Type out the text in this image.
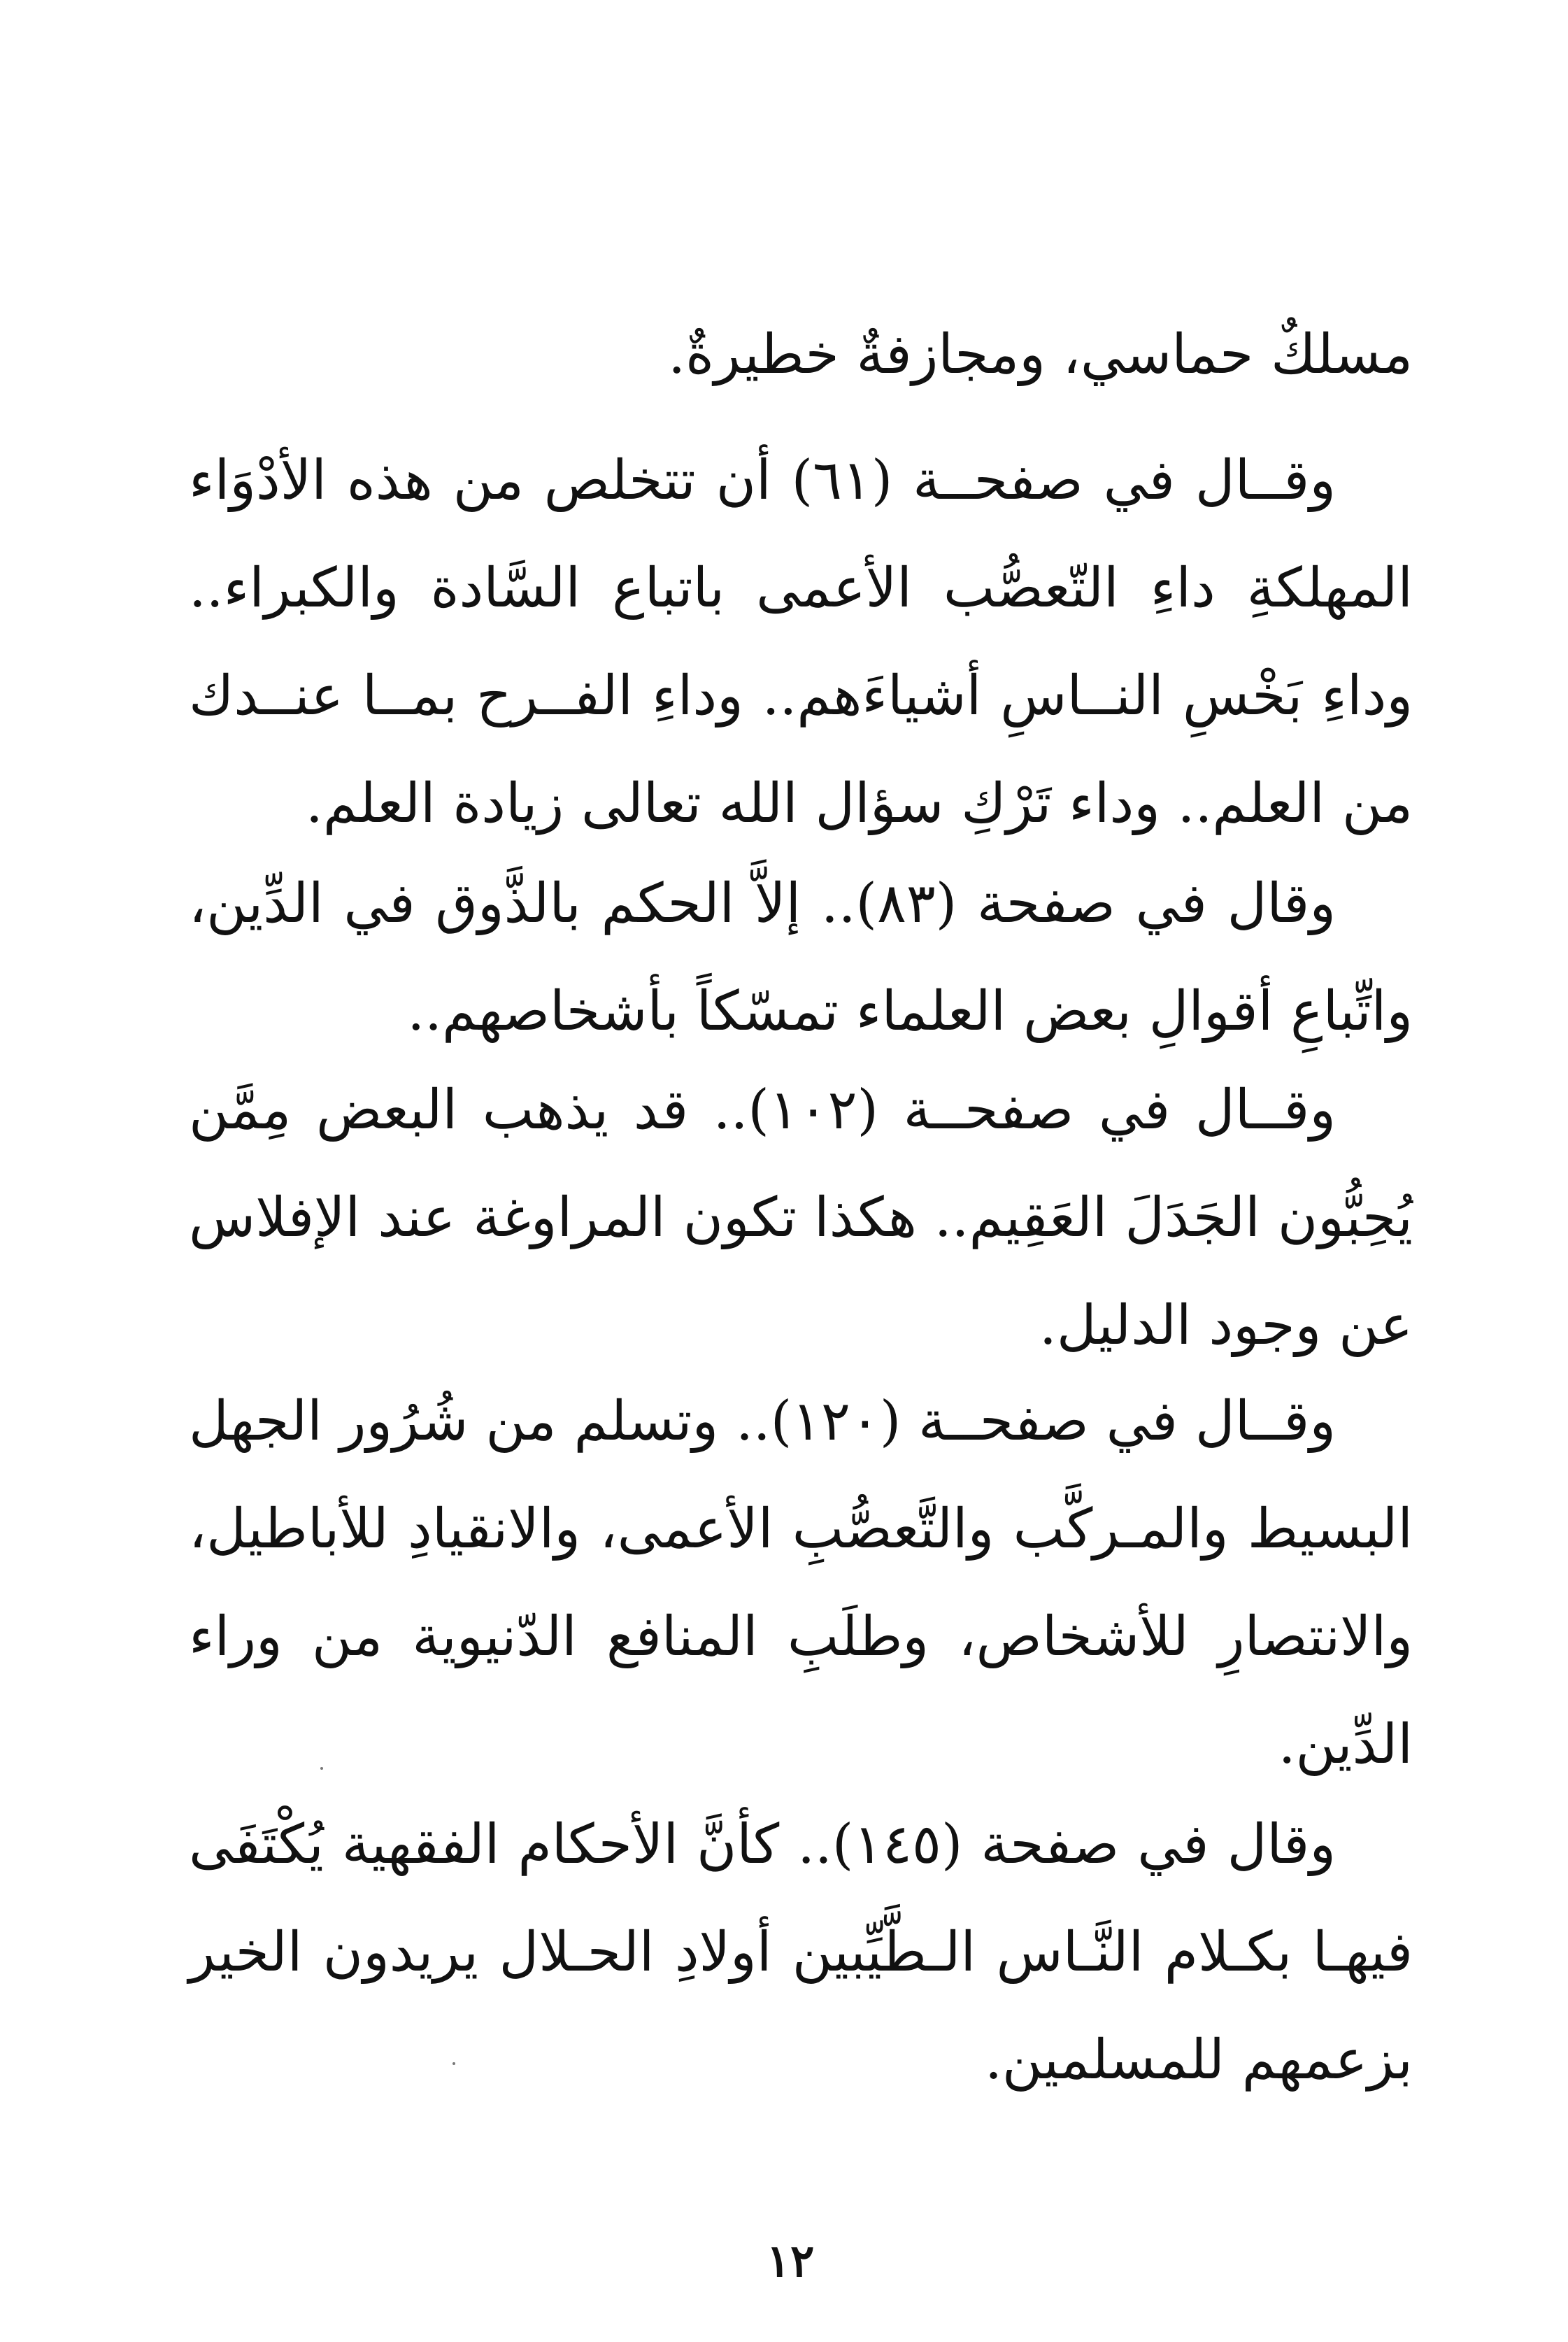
مسلكٌ حماسي، ومجازفةٌ خطيرةٌ.

وقــال في صفحــة (٦١) أن تتخلص من هذه الأدْوَاء المهلكةِ داءِ التّعصُّب الأعمى باتباع السَّادة والكبراء.. وداءِ بَخْسِ النــاسِ أشياءَهم.. وداءِ الفــرح بمــا عنــدك من العلم.. وداء تَرْكِ سؤال الله تعالى زيادة العلم.

وقال في صفحة (٨٣).. إلاَّ الحكم بالذَّوق في الدِّين، واتِّباعِ أقوالِ بعض العلماء تمسّكاً بأشخاصهم..

وقــال في صفحــة (١٠٢).. قد يذهب البعض مِمَّن يُحِبُّون الجَدَلَ العَقِيم.. هكذا تكون المراوغة عند الإفلاس عن وجود الدليل.

وقــال في صفحــة (١٢٠).. وتسلم من شُرُور الجهل البسيط والمـركَّب والتَّعصُّبِ الأعمى، والانقيادِ للأباطيل، والانتصارِ للأشخاص، وطلَبِ المنافع الدّنيوية من وراء الدِّين.

وقال في صفحة (١٤٥).. كأنَّ الأحكام الفقهية يُكْتَفَى فيهـا بكـلام النَّـاس الـطَّيِّبين أولادِ الحـلال يريدون الخير بزعمهم للمسلمين.

١٢
